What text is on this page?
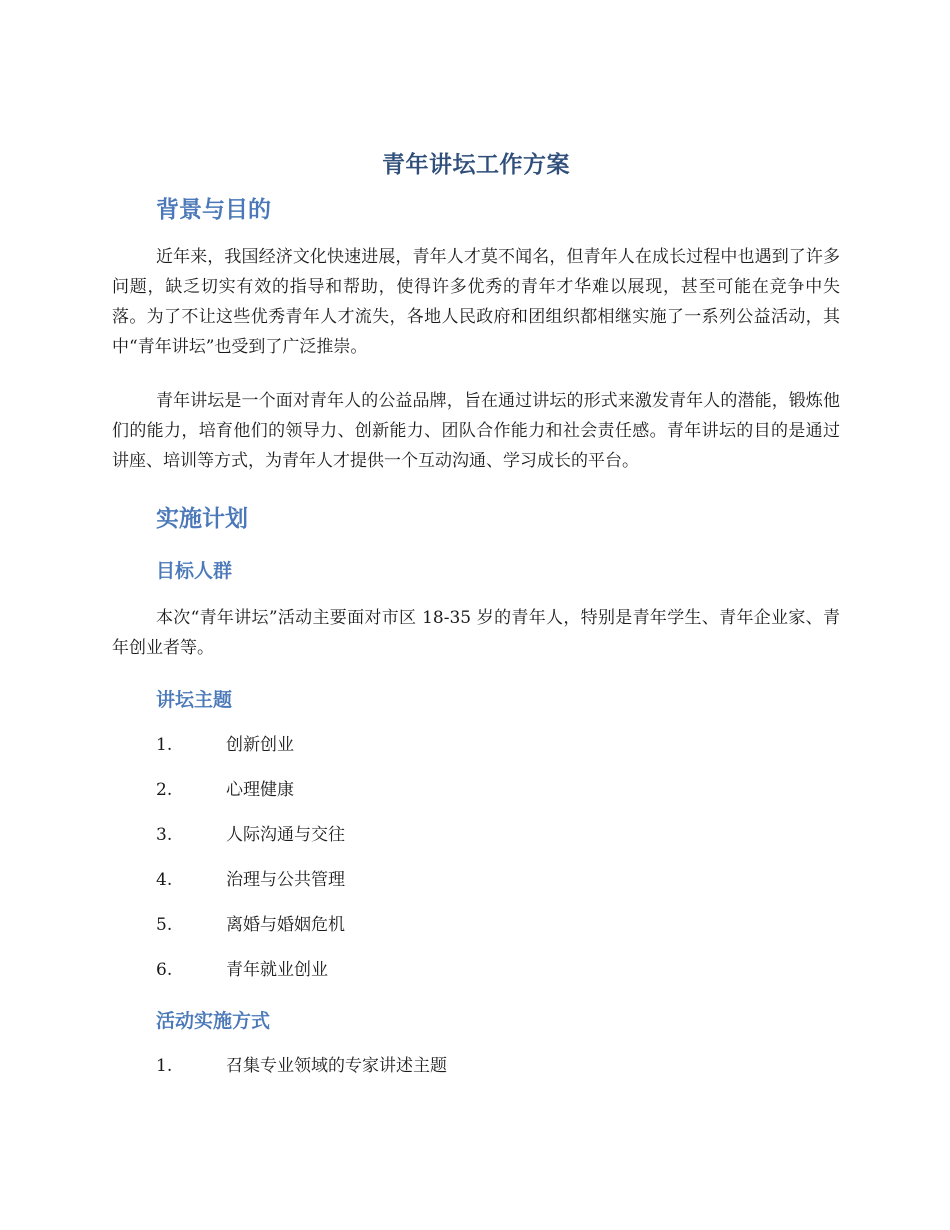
青年讲坛工作方案
背景与目的

近年来，我国经济文化快速进展，青年人才莫不闻名，但青年人在成长过程中也遇到了许多问题，缺乏切实有效的指导和帮助，使得许多优秀的青年才华难以展现，甚至可能在竞争中失落。为了不让这些优秀青年人才流失，各地人民政府和团组织都相继实施了一系列公益活动，其中“青年讲坛”也受到了广泛推崇。

青年讲坛是一个面对青年人的公益品牌，旨在通过讲坛的形式来激发青年人的潜能，锻炼他们的能力，培育他们的领导力、创新能力、团队合作能力和社会责任感。青年讲坛的目的是通过讲座、培训等方式，为青年人才提供一个互动沟通、学习成长的平台。

实施计划
目标人群

本次“青年讲坛”活动主要面对市区 18-35 岁的青年人，特别是青年学生、青年企业家、青年创业者等。

讲坛主题
1.	创新创业
2.	心理健康
3.	人际沟通与交往
4.	治理与公共管理
5.	离婚与婚姻危机
6.	青年就业创业
活动实施方式
1.	召集专业领域的专家讲述主题
